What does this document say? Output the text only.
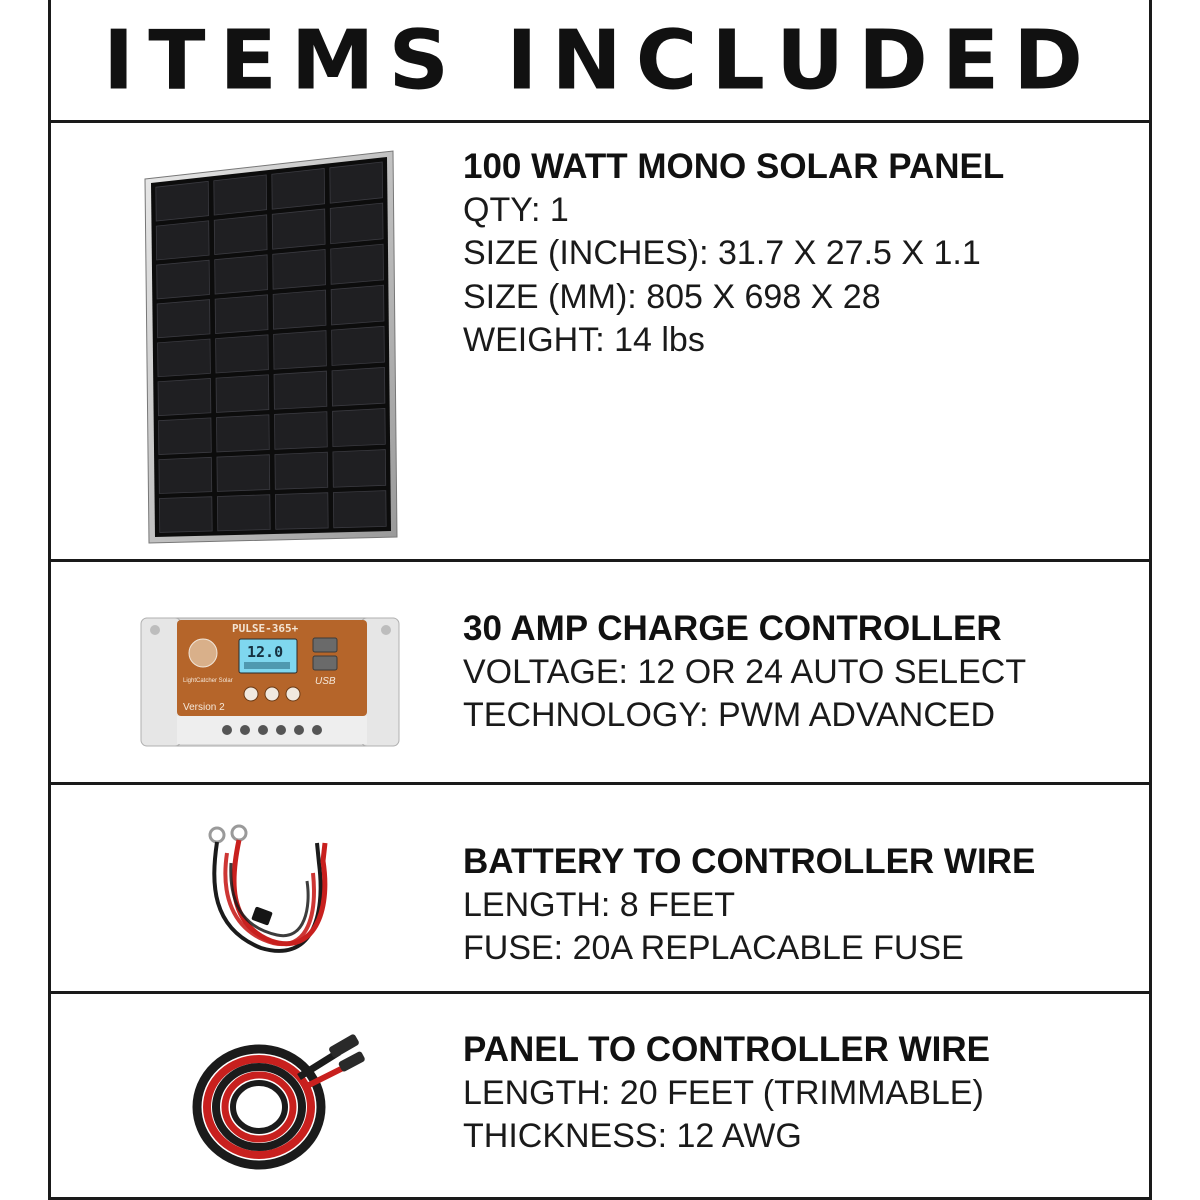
ITEMS INCLUDED
100 WATT MONO SOLAR PANEL
QTY: 1
SIZE (INCHES): 31.7 X 27.5 X 1.1
SIZE (MM): 805 X 698 X 28
WEIGHT: 14 lbs
PULSE-365+
12.0
LightCatcher Solar	USB
Version 2
30 AMP CHARGE CONTROLLER
VOLTAGE: 12 OR 24 AUTO SELECT
TECHNOLOGY: PWM ADVANCED
BATTERY TO CONTROLLER WIRE
LENGTH: 8 FEET
FUSE: 20A REPLACABLE FUSE
PANEL TO CONTROLLER WIRE
LENGTH: 20 FEET (TRIMMABLE)
THICKNESS: 12 AWG
